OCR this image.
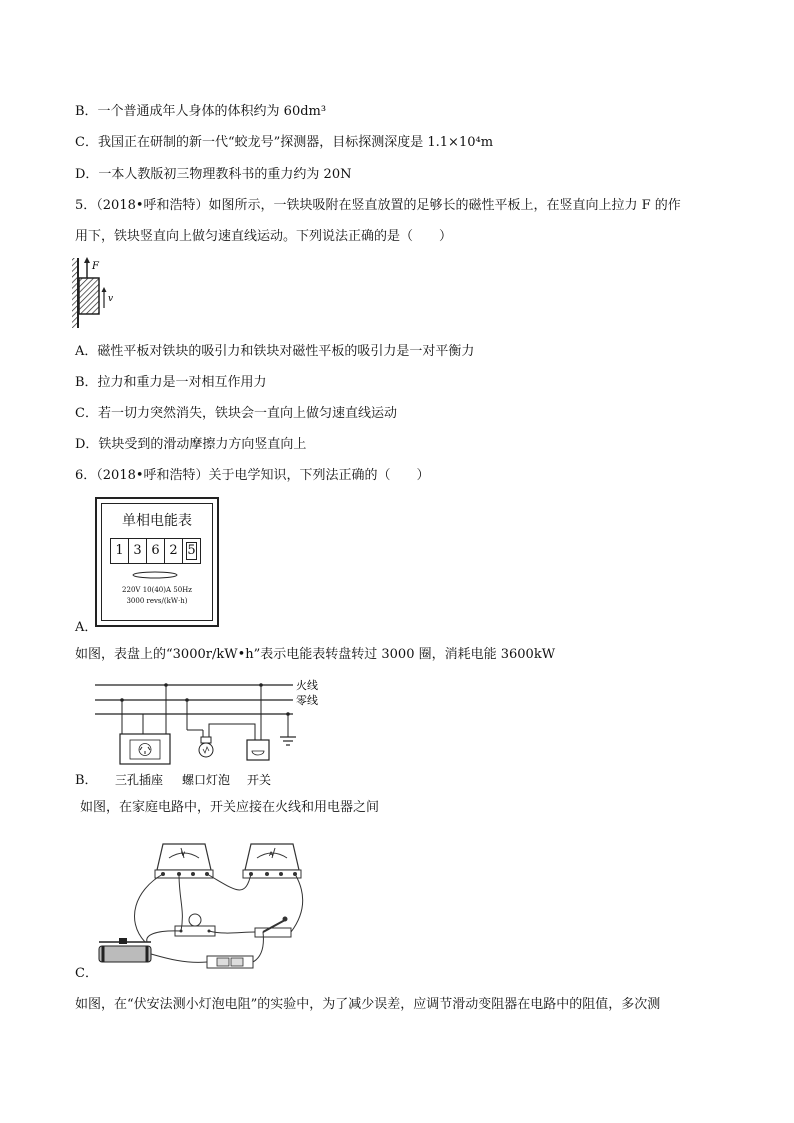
B．一个普通成年人身体的体积约为 60dm³
C．我国正在研制的新一代“蛟龙号”探测器，目标探测深度是 1.1×10⁴m
D．一本人教版初三物理教科书的重力约为 20N
5．（2018•呼和浩特）如图所示，一铁块吸附在竖直放置的足够长的磁性平板上，在竖直向上拉力 F 的作
用下，铁块竖直向上做匀速直线运动。下列说法正确的是（　　）
F
v
A．磁性平板对铁块的吸引力和铁块对磁性平板的吸引力是一对平衡力
B．拉力和重力是一对相互作用力
C．若一切力突然消失，铁块会一直向上做匀速直线运动
D．铁块受到的滑动摩擦力方向竖直向上
6．（2018•呼和浩特）关于电学知识，下列法正确的（　　）
单相电能表
1 3 6 2 5
220V 10(40)A 50Hz
3000 revs/(kW·h)
A．
如图，表盘上的“3000r/kW•h”表示电能表转盘转过 3000 圈，消耗电能 3600kW
火线
零线
三孔插座 螺口灯泡 开关
B．
如图，在家庭电路中，开关应接在火线和用电器之间
V	A
C．
如图，在“伏安法测小灯泡电阻”的实验中，为了减少误差，应调节滑动变阻器在电路中的阻值，多次测
